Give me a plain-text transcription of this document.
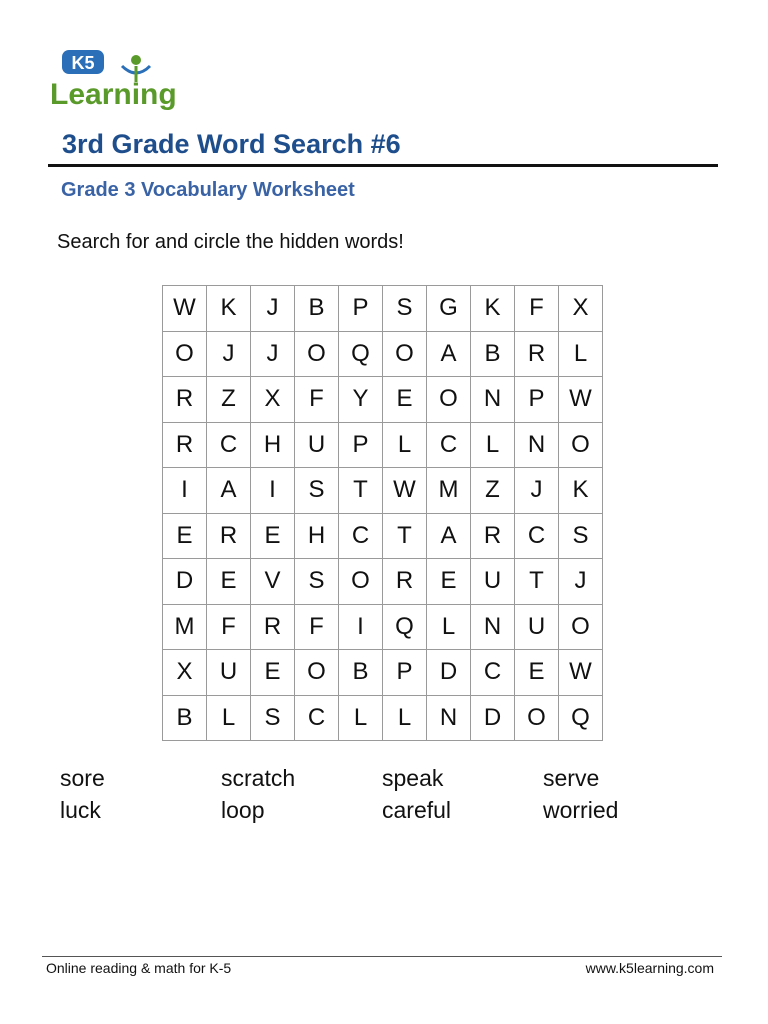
K5
Learning
3rd Grade Word Search #6
Grade 3 Vocabulary Worksheet

Search for and circle the hidden words!

W	K	J	B	P	S	G	K	F	X
O	J	J	O	Q	O	A	B	R	L
R	Z	X	F	Y	E	O	N	P	W
R	C	H	U	P	L	C	L	N	O
I	A	I	S	T	W	M	Z	J	K
E	R	E	H	C	T	A	R	C	S
D	E	V	S	O	R	E	U	T	J
M	F	R	F	I	Q	L	N	U	O
X	U	E	O	B	P	D	C	E	W
B	L	S	C	L	L	N	D	O	Q
sore	scratch	speak	serve
luck	loop	careful	worried
Online reading & math for K-5	www.k5learning.com
